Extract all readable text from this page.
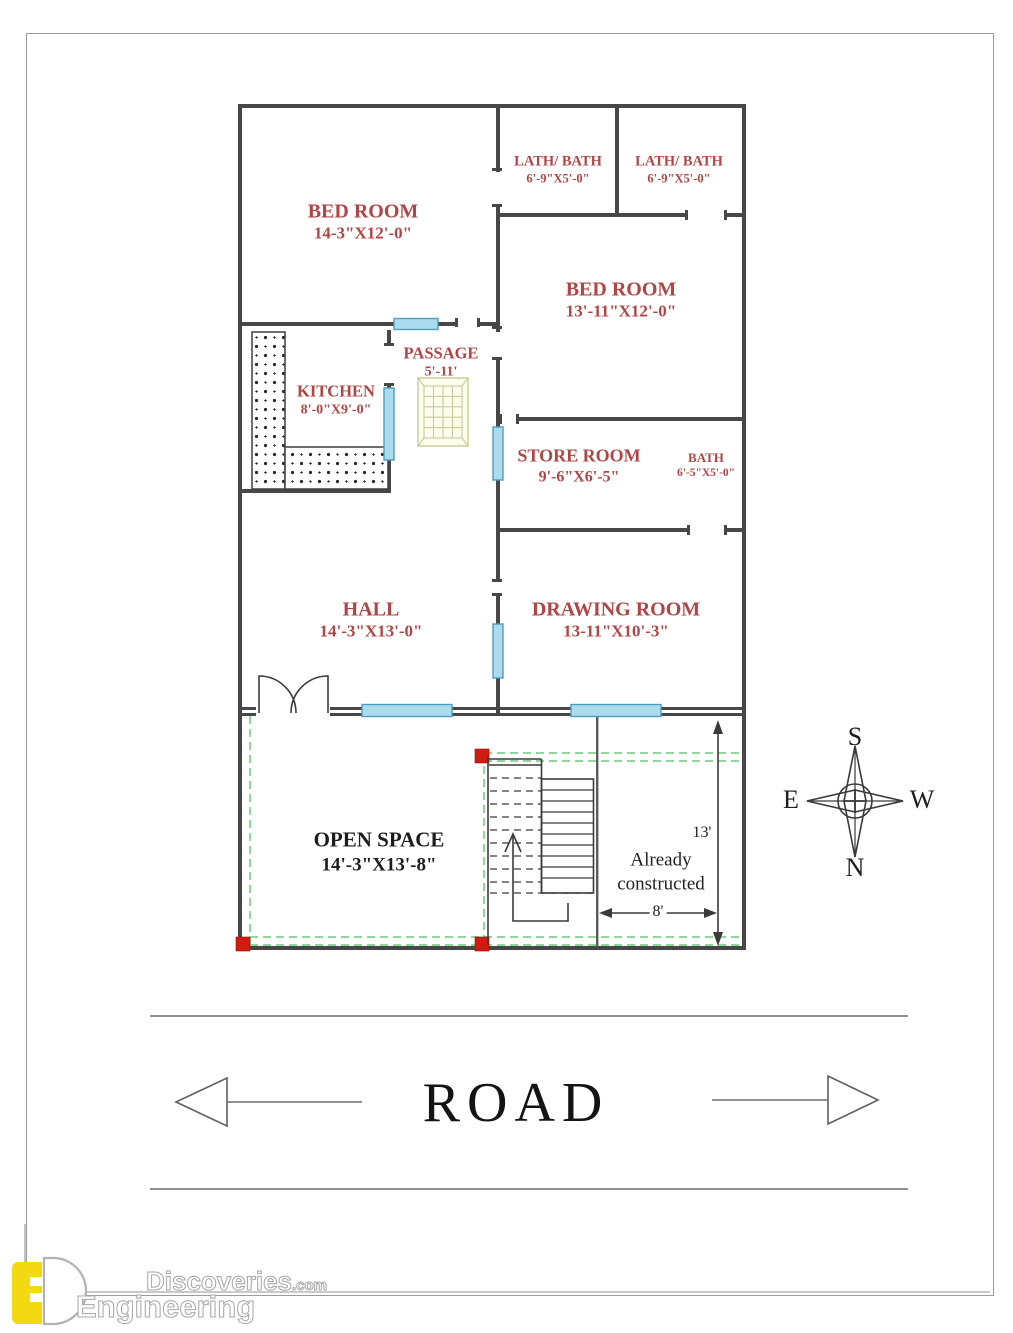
BED ROOM
14-3"X12'-0"
LATH/ BATH
6'-9"X5'-0"
LATH/ BATH
6'-9"X5'-0"
BED ROOM
13'-11"X12'-0"
KITCHEN
8'-0"X9'-0"
PASSAGE
5'-11'
STORE ROOM
9'-6"X6'-5"
BATH
6'-5"X5'-0"
HALL
14'-3"X13'-0"
DRAWING ROOM
13-11"X10'-3"
OPEN SPACE
14'-3"X13'-8"	Already
constructed
13'
8'
S
E	W
N
ROAD
Discoveries.com
Engineering
